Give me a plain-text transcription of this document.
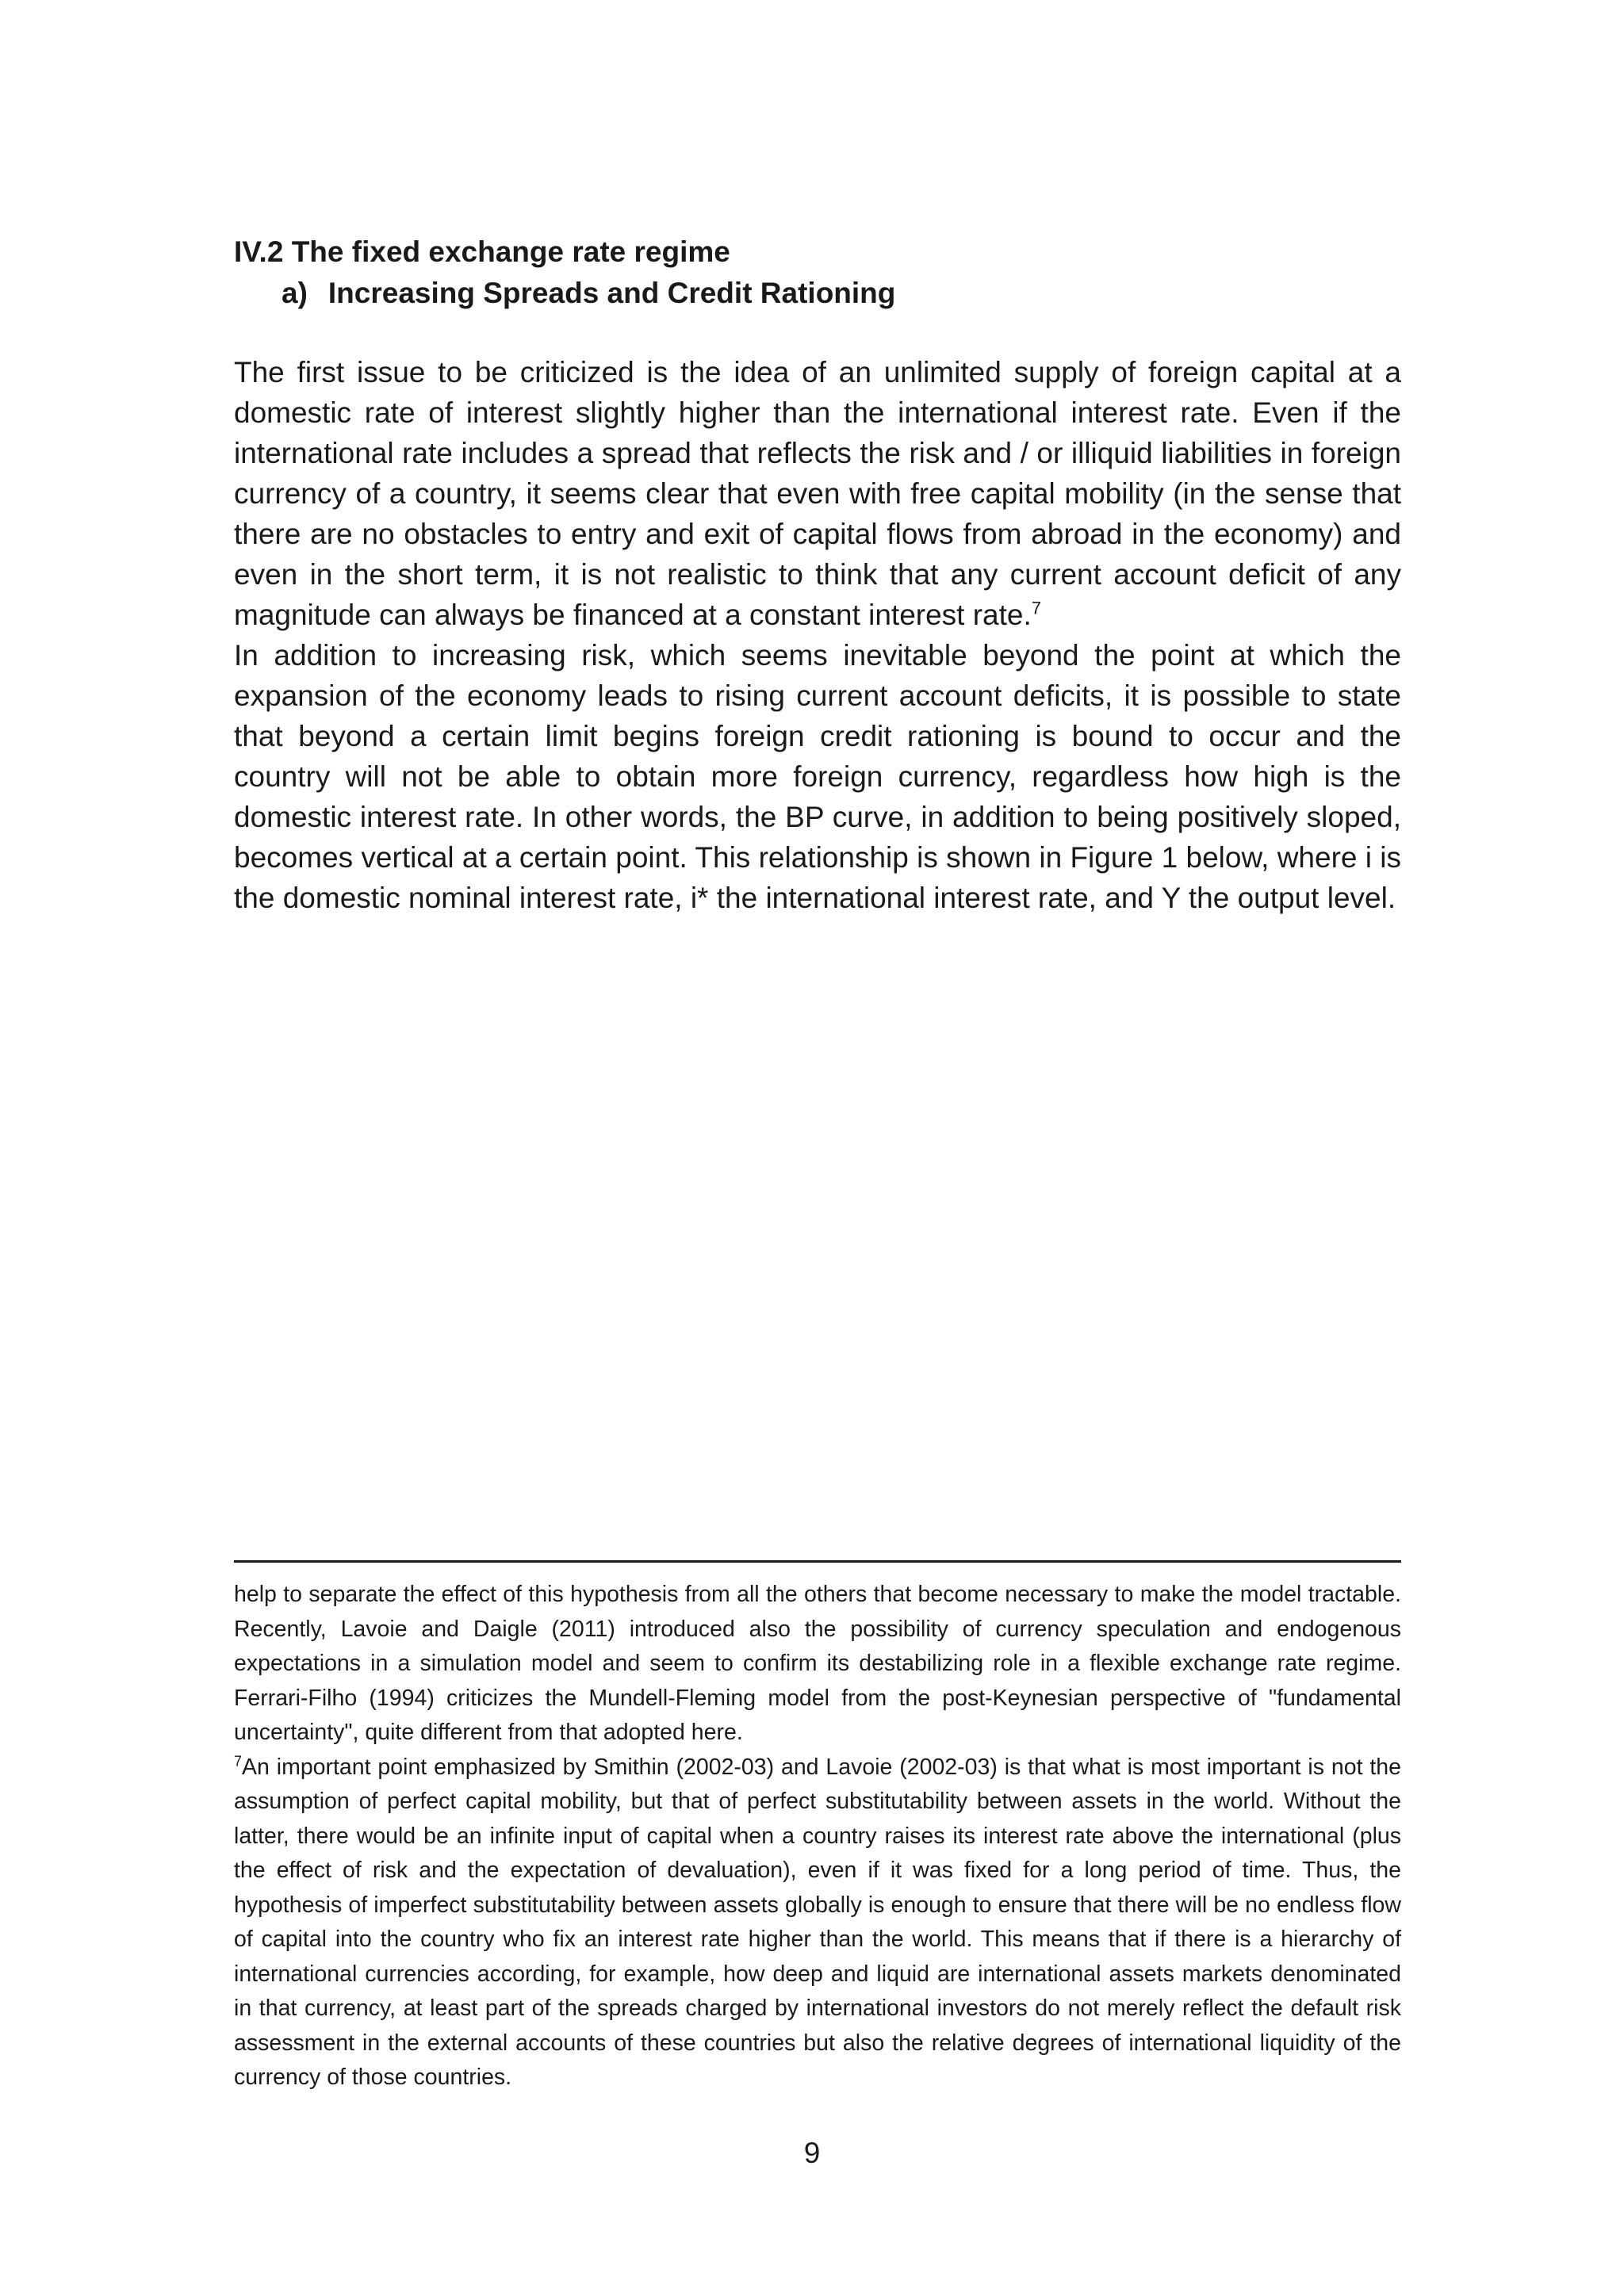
IV.2 The fixed exchange rate regime
a) Increasing Spreads and Credit Rationing

The first issue to be criticized is the idea of an unlimited supply of foreign capital at a domestic rate of interest slightly higher than the international interest rate. Even if the international rate includes a spread that reflects the risk and / or illiquid liabilities in foreign currency of a country, it seems clear that even with free capital mobility (in the sense that there are no obstacles to entry and exit of capital flows from abroad in the economy) and even in the short term, it is not realistic to think that any current account deficit of any magnitude can always be financed at a constant interest rate.$^7$

In addition to increasing risk, which seems inevitable beyond the point at which the expansion of the economy leads to rising current account deficits, it is possible to state that beyond a certain limit begins foreign credit rationing is bound to occur and the country will not be able to obtain more foreign currency, regardless how high is the domestic interest rate. In other words, the BP curve, in addition to being positively sloped, becomes vertical at a certain point. This relationship is shown in Figure 1 below, where i is the domestic nominal interest rate, i* the international interest rate, and Y the output level.

help to separate the effect of this hypothesis from all the others that become necessary to make the model tractable. Recently, Lavoie and Daigle (2011) introduced also the possibility of currency speculation and endogenous expectations in a simulation model and seem to confirm its destabilizing role in a flexible exchange rate regime. Ferrari-Filho (1994) criticizes the Mundell-Fleming model from the post-Keynesian perspective of "fundamental uncertainty", quite different from that adopted here.

$^7$An important point emphasized by Smithin (2002-03) and Lavoie (2002-03) is that what is most important is not the assumption of perfect capital mobility, but that of perfect substitutability between assets in the world. Without the latter, there would be an infinite input of capital when a country raises its interest rate above the international (plus the effect of risk and the expectation of devaluation), even if it was fixed for a long period of time. Thus, the hypothesis of imperfect substitutability between assets globally is enough to ensure that there will be no endless flow of capital into the country who fix an interest rate higher than the world. This means that if there is a hierarchy of international currencies according, for example, how deep and liquid are international assets markets denominated in that currency, at least part of the spreads charged by international investors do not merely reflect the default risk assessment in the external accounts of these countries but also the relative degrees of international liquidity of the currency of those countries.

9
